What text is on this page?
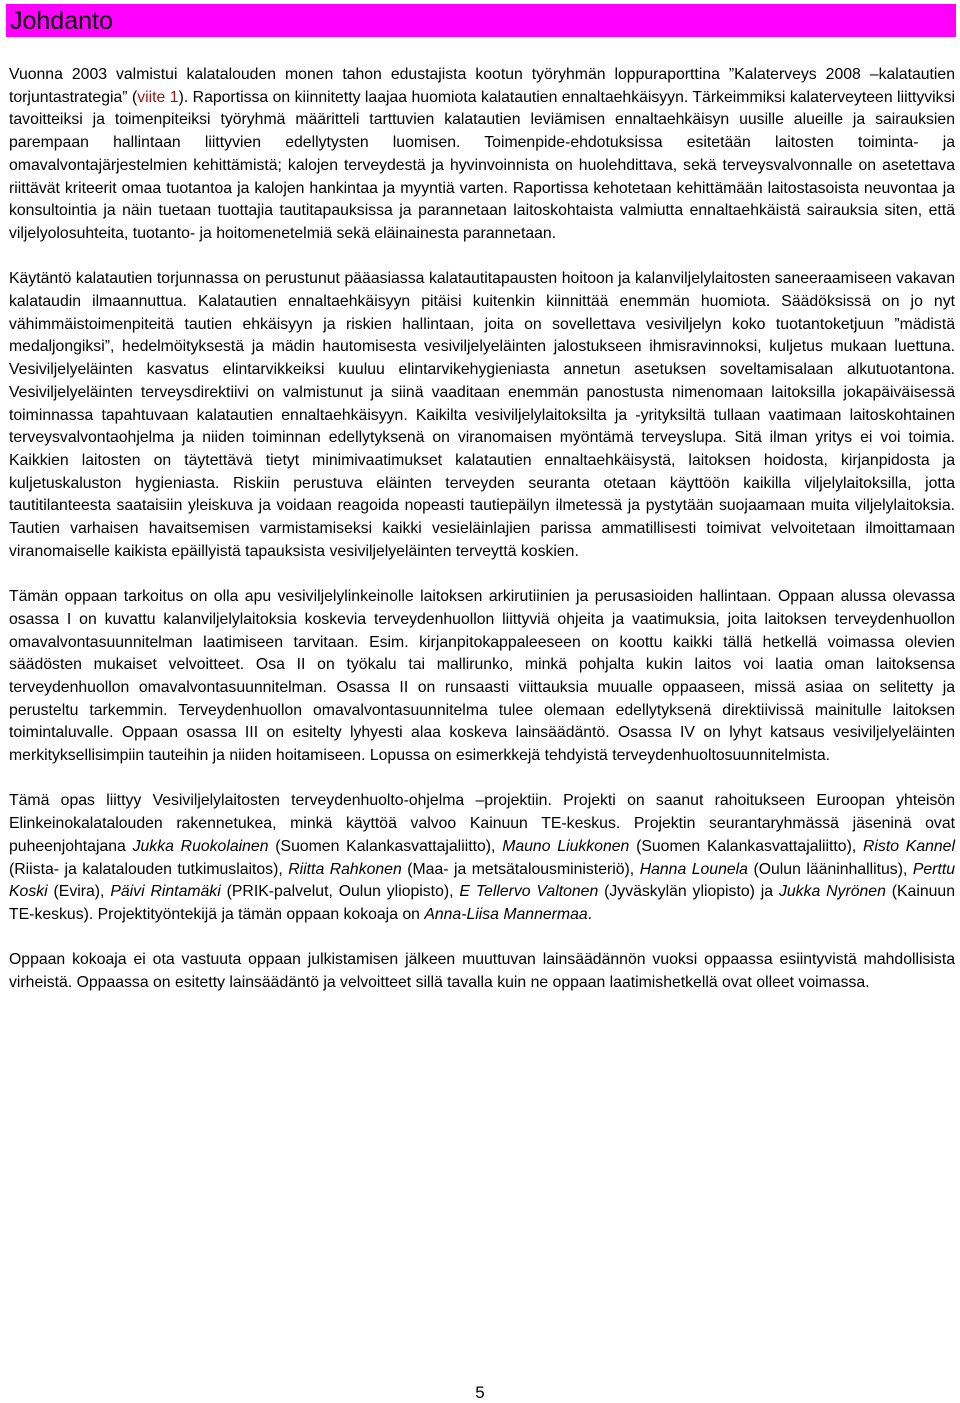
Johdanto

Vuonna 2003 valmistui kalatalouden monen tahon edustajista kootun työryhmän loppuraporttina ”Kalaterveys 2008 –kalatautien torjuntastrategia” (viite 1). Raportissa on kiinnitetty laajaa huomiota kalatautien ennaltaehkäisyyn. Tärkeimmiksi kalaterveyteen liittyviksi tavoitteiksi ja toimenpiteiksi työryhmä määritteli tarttuvien kalatautien leviämisen ennaltaehkäisyn uusille alueille ja sairauksien parempaan hallintaan liittyvien edellytysten luomisen. Toimenpide-ehdotuksissa esitetään laitosten toiminta- ja omavalvontajärjestelmien kehittämistä; kalojen terveydestä ja hyvinvoinnista on huolehdittava, sekä terveysvalvonnalle on asetettava riittävät kriteerit omaa tuotantoa ja kalojen hankintaa ja myyntiä varten. Raportissa kehotetaan kehittämään laitostasoista neuvontaa ja konsultointia ja näin tuetaan tuottajia tautitapauksissa ja parannetaan laitoskohtaista valmiutta ennaltaehkäistä sairauksia siten, että viljelyolosuhteita, tuotanto- ja hoitomenetelmiä sekä eläinainesta parannetaan.

Käytäntö kalatautien torjunnassa on perustunut pääasiassa kalatautitapausten hoitoon ja kalanviljelylaitosten saneeraamiseen vakavan kalataudin ilmaannuttua. Kalatautien ennaltaehkäisyyn pitäisi kuitenkin kiinnittää enemmän huomiota. Säädöksissä on jo nyt vähimmäistoimenpiteitä tautien ehkäisyyn ja riskien hallintaan, joita on sovellettava vesiviljelyn koko tuotantoketjuun ”mädistä medaljongiksi”, hedelmöityksestä ja mädin hautomisesta vesiviljelyeläinten jalostukseen ihmisravinnoksi, kuljetus mukaan luettuna. Vesiviljelyeläinten kasvatus elintarvikkeiksi kuuluu elintarvikehygieniasta annetun asetuksen soveltamisalaan alkutuotantona. Vesiviljelyeläinten terveysdirektiivi on valmistunut ja siinä vaaditaan enemmän panostusta nimenomaan laitoksilla jokapäiväisessä toiminnassa tapahtuvaan kalatautien ennaltaehkäisyyn. Kaikilta vesiviljelylaitoksilta ja -yrityksiltä tullaan vaatimaan laitoskohtainen terveysvalvontaohjelma ja niiden toiminnan edellytyksenä on viranomaisen myöntämä terveyslupa. Sitä ilman yritys ei voi toimia. Kaikkien laitosten on täytettävä tietyt minimivaatimukset kalatautien ennaltaehkäisystä, laitoksen hoidosta, kirjanpidosta ja kuljetuskaluston hygieniasta. Riskiin perustuva eläinten terveyden seuranta otetaan käyttöön kaikilla viljelylaitoksilla, jotta tautitilanteesta saataisiin yleiskuva ja voidaan reagoida nopeasti tautiepäilyn ilmetessä ja pystytään suojaamaan muita viljelylaitoksia. Tautien varhaisen havaitsemisen varmistamiseksi kaikki vesieläinlajien parissa ammatillisesti toimivat velvoitetaan ilmoittamaan viranomaiselle kaikista epäillyistä tapauksista vesiviljelyeläinten terveyttä koskien.

Tämän oppaan tarkoitus on olla apu vesiviljelylinkeinolle laitoksen arkirutiinien ja perusasioiden hallintaan. Oppaan alussa olevassa osassa I on kuvattu kalanviljelylaitoksia koskevia terveydenhuollon liittyviä ohjeita ja vaatimuksia, joita laitoksen terveydenhuollon omavalvontasuunnitelman laatimiseen tarvitaan. Esim. kirjanpitokappaleeseen on koottu kaikki tällä hetkellä voimassa olevien säädösten mukaiset velvoitteet. Osa II on työkalu tai mallirunko, minkä pohjalta kukin laitos voi laatia oman laitoksensa terveydenhuollon omavalvontasuunnitelman. Osassa II on runsaasti viittauksia muualle oppaaseen, missä asiaa on selitetty ja perusteltu tarkemmin. Terveydenhuollon omavalvontasuunnitelma tulee olemaan edellytyksenä direktiivissä mainitulle laitoksen toimintaluvalle. Oppaan osassa III on esitelty lyhyesti alaa koskeva lainsäädäntö. Osassa IV on lyhyt katsaus vesiviljelyeläinten merkityksellisimpiin tauteihin ja niiden hoitamiseen. Lopussa on esimerkkejä tehdyistä terveydenhuoltosuunnitelmista.

Tämä opas liittyy Vesiviljelylaitosten terveydenhuolto-ohjelma –projektiin. Projekti on saanut rahoitukseen Euroopan yhteisön Elinkeinokalatalouden rakennetukea, minkä käyttöä valvoo Kainuun TE-keskus. Projektin seurantaryhmässä jäseninä ovat puheenjohtajana Jukka Ruokolainen (Suomen Kalankasvattajaliitto), Mauno Liukkonen (Suomen Kalankasvattajaliitto), Risto Kannel (Riista- ja kalatalouden tutkimuslaitos), Riitta Rahkonen (Maa- ja metsätalousministeriö), Hanna Lounela (Oulun lääninhallitus), Perttu Koski (Evira), Päivi Rintamäki (PRIK-palvelut, Oulun yliopisto), E Tellervo Valtonen (Jyväskylän yliopisto) ja Jukka Nyrönen (Kainuun TE-keskus). Projektityöntekijä ja tämän oppaan kokoaja on Anna-Liisa Mannermaa.

Oppaan kokoaja ei ota vastuuta oppaan julkistamisen jälkeen muuttuvan lainsäädännön vuoksi oppaassa esiintyvistä mahdollisista virheistä. Oppaassa on esitetty lainsäädäntö ja velvoitteet sillä tavalla kuin ne oppaan laatimishetkellä ovat olleet voimassa.

5
